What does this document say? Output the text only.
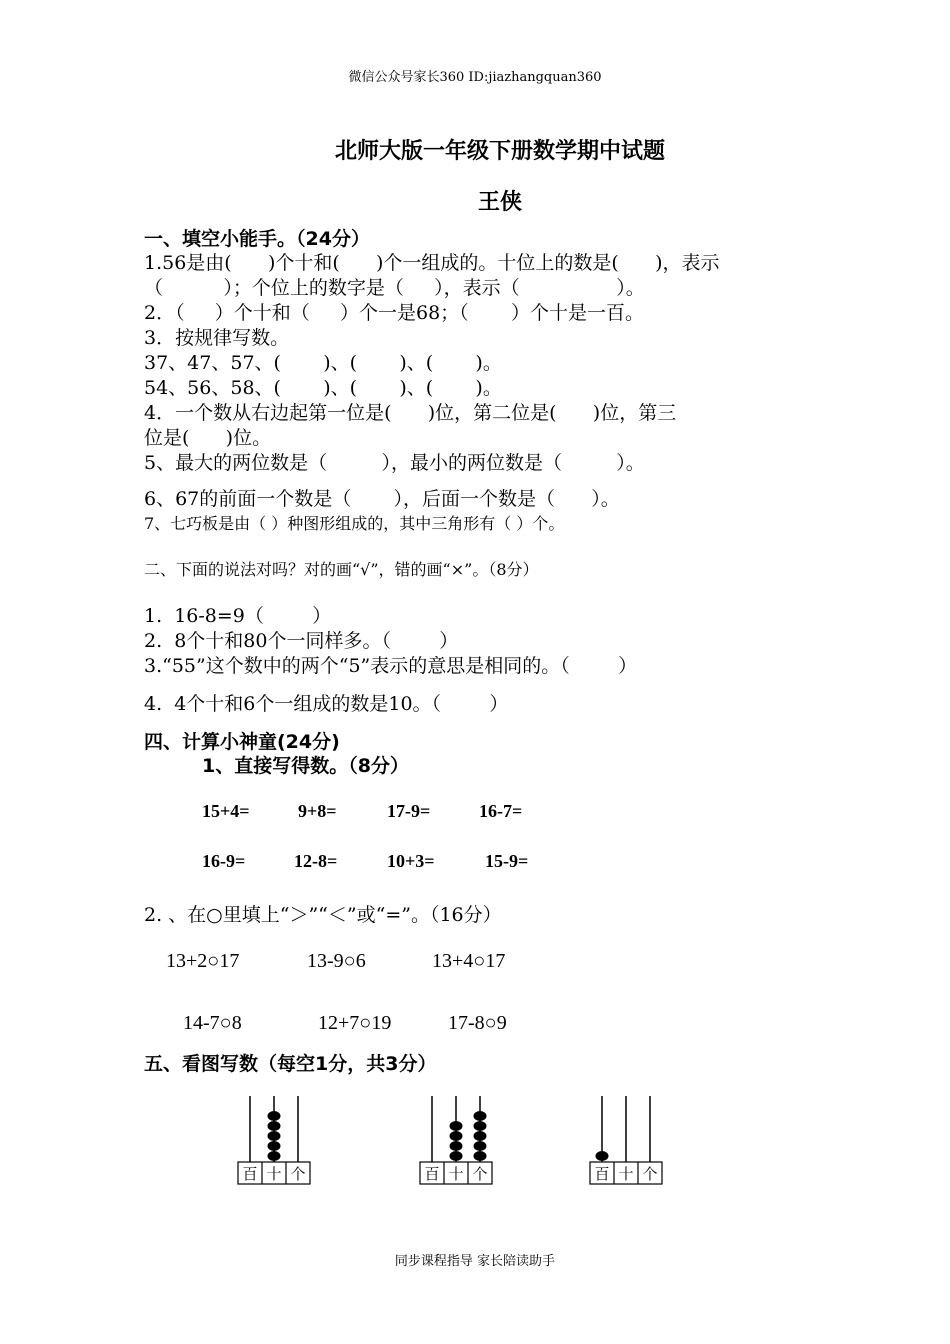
微信公众号家长360 ID:jiazhangquan360
北师大版一年级下册数学期中试题
王侠
一、填空小能手。（24分）
1.56是由(      )个十和(      )个一组成的。十位上的数是(      )，表示
（          ）；个位上的数字是（     ），表示（                ）。
2．（     ）个十和（     ）个一是68；（       ）个十是一百。
3．按规律写数。
37、47、57、(       )、(       )、(       )。
54、56、58、(       )、(       )、(       )。
4．一个数从右边起第一位是(      )位，第二位是(      )位，第三
位是(      )位。
5、最大的两位数是（         ），最小的两位数是（         ）。
6、67的前面一个数是（       ），后面一个数是（      ）。
7、七巧板是由（ ）种图形组成的，其中三角形有（ ）个。
二、下面的说法对吗？对的画“√”，错的画“×”。（8分）
1.  16-8=9（        ）
2.  8个十和80个一同样多。（        ）
3.“55”这个数中的两个“5”表示的意思是相同的。（        ）
4.  4个十和6个一组成的数是10。（        ）
四、计算小神童(24分)
1、直接写得数。（8分）
15+4=	9+8=	17-9=	16-7=
16-9=	12-8=	10+3=	15-9=
2. 、在○里填上“＞”“＜”或“=”。（16分）
13+2○17	13-9○6	13+4○17
14-7○8	12+7○19	17-8○9
五、看图写数（每空1分，共3分）
百 十 个	百 十 个	百 十 个
同步课程指导 家长陪读助手
